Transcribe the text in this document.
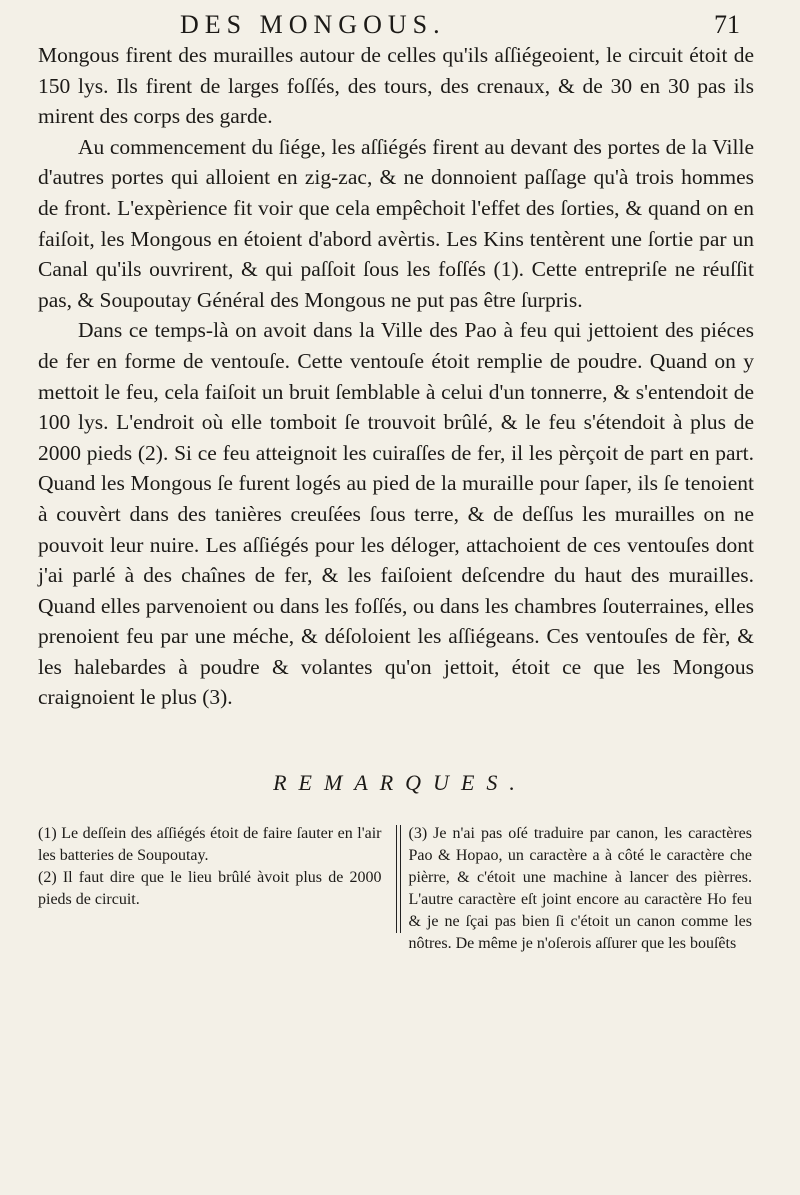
DES MONGOUS.	71

Mongous firent des murailles autour de celles qu'ils aſſiégeoient, le circuit étoit de 150 lys. Ils firent de larges foſſés, des tours, des crenaux, & de 30 en 30 pas ils mirent des corps des garde.

Au commencement du ſiége, les aſſiégés firent au devant des portes de la Ville d'autres portes qui alloient en zig-zac, & ne donnoient paſſage qu'à trois hommes de front. L'expèrience fit voir que cela empêchoit l'effet des ſorties, & quand on en faiſoit, les Mongous en étoient d'abord avèrtis. Les Kins tentèrent une ſortie par un Canal qu'ils ouvrirent, & qui paſſoit ſous les foſſés (1). Cette entrepriſe ne réuſſit pas, & Soupoutay Général des Mongous ne put pas être ſurpris.

Dans ce temps-là on avoit dans la Ville des Pao à feu qui jettoient des piéces de fer en forme de ventouſe. Cette ventouſe étoit remplie de poudre. Quand on y mettoit le feu, cela faiſoit un bruit ſemblable à celui d'un tonnerre, & s'entendoit de 100 lys. L'endroit où elle tomboit ſe trouvoit brûlé, & le feu s'étendoit à plus de 2000 pieds (2). Si ce feu atteignoit les cuiraſſes de fer, il les pèrçoit de part en part. Quand les Mongous ſe furent logés au pied de la muraille pour ſaper, ils ſe tenoient à couvèrt dans des tanières creuſées ſous terre, & de deſſus les murailles on ne pouvoit leur nuire. Les aſſiégés pour les déloger, attachoient de ces ventouſes dont j'ai parlé à des chaînes de fer, & les faiſoient deſcendre du haut des murailles. Quand elles parvenoient ou dans les foſſés, ou dans les chambres ſouterraines, elles prenoient feu par une méche, & déſoloient les aſſiégeans. Ces ventouſes de fèr, & les halebardes à poudre & volantes qu'on jettoit, étoit ce que les Mongous craignoient le plus (3).

REMARQUES.

(1) Le deſſein des aſſiégés étoit de faire ſauter en l'air les batteries de Soupoutay.

(2) Il faut dire que le lieu brûlé àvoit plus de 2000 pieds de circuit.

(3) Je n'ai pas oſé traduire par canon, les caractères Pao & Hopao, un caractère a à côté le caractère che pièrre, & c'étoit une machine à lancer des pièrres. L'autre caractère eſt joint encore au caractère Ho feu & je ne ſçai pas bien ſi c'étoit un canon comme les nôtres. De même je n'oſerois aſſurer que les bouſêts
